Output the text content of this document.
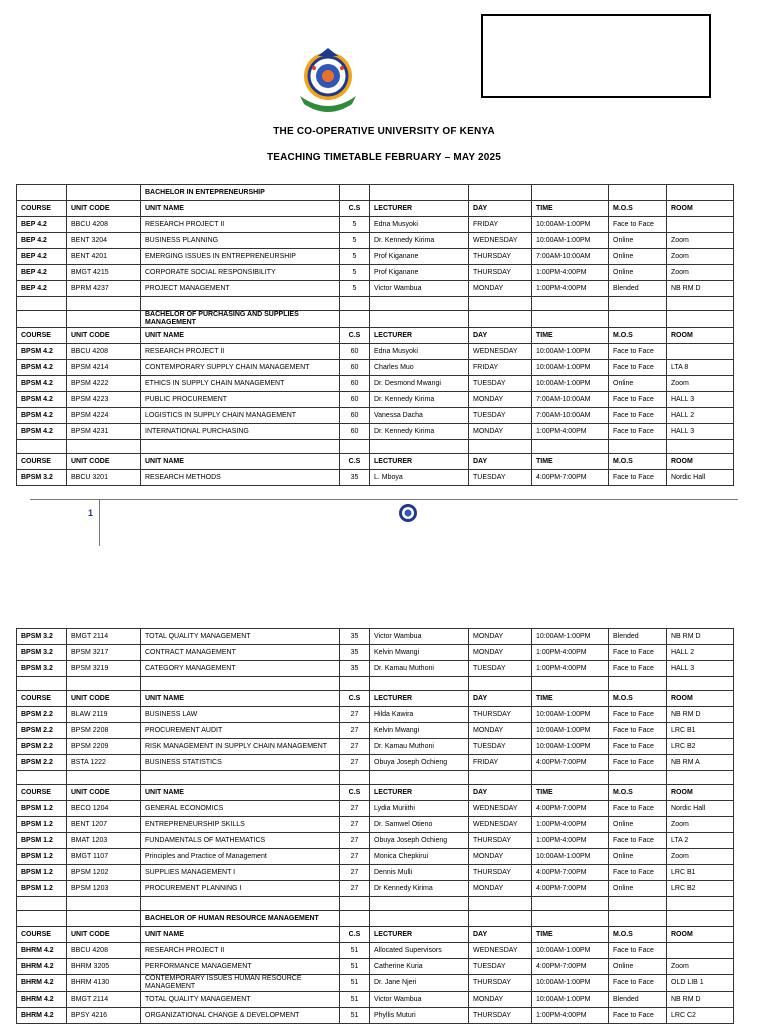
THE CO-OPERATIVE UNIVERSITY OF KENYA
TEACHING TIMETABLE FEBRUARY – MAY 2025
		BACHELOR IN ENTEPRENEURSHIP						
COURSE	UNIT CODE	UNIT NAME	C.S	LECTURER	DAY	TIME	M.O.S	ROOM
BEP 4.2	BBCU 4208	RESEARCH PROJECT II	5	Edna Musyoki	FRIDAY	10:00AM-1:00PM	Face to Face	
BEP 4.2	BENT 3204	BUSINESS PLANNING	5	Dr. Kennedy Kirima	WEDNESDAY	10:00AM-1:00PM	Online	Zoom
BEP 4.2	BENT 4201	EMERGING ISSUES IN ENTREPRENEURSHIP	5	Prof Kiganane	THURSDAY	7:00AM-10:00AM	Online	Zoom
BEP 4.2	BMGT 4215	CORPORATE SOCIAL RESPONSIBILITY	5	Prof Kiganane	THURSDAY	1:00PM-4:00PM	Online	Zoom
BEP 4.2	BPRM 4237	PROJECT MANAGEMENT	5	Victor Wambua	MONDAY	1:00PM-4:00PM	Blended	NB RM D

		BACHELOR OF PURCHASING AND SUPPLIES MANAGEMENT						
COURSE	UNIT CODE	UNIT NAME	C.S	LECTURER	DAY	TIME	M.O.S	ROOM
BPSM 4.2	BBCU 4208	RESEARCH PROJECT II	60	Edna Musyoki	WEDNESDAY	10:00AM-1:00PM	Face to Face	
BPSM 4.2	BPSM 4214	CONTEMPORARY SUPPLY CHAIN MANAGEMENT	60	Charles Muo	FRIDAY	10:00AM-1:00PM	Face to Face	LTA 8
BPSM 4.2	BPSM 4222	ETHICS IN SUPPLY CHAIN MANAGEMENT	60	Dr. Desmond Mwangi	TUESDAY	10:00AM-1:00PM	Online	Zoom
BPSM 4.2	BPSM 4223	PUBLIC PROCUREMENT	60	Dr. Kennedy Kirima	MONDAY	7:00AM-10:00AM	Face to Face	HALL 3
BPSM 4.2	BPSM 4224	LOGISTICS IN SUPPLY CHAIN MANAGEMENT	60	Vanessa Dacha	TUESDAY	7:00AM-10:00AM	Face to Face	HALL 2
BPSM 4.2	BPSM 4231	INTERNATIONAL PURCHASING	60	Dr. Kennedy Kirima	MONDAY	1:00PM-4:00PM	Face to Face	HALL 3

COURSE	UNIT CODE	UNIT NAME	C.S	LECTURER	DAY	TIME	M.O.S	ROOM
BPSM 3.2	BBCU 3201	RESEARCH METHODS	35	L. Mboya	TUESDAY	4:00PM-7:00PM	Face to Face	Nordic Hall
1
BPSM 3.2	BMGT 2114	TOTAL QUALITY MANAGEMENT	35	Victor Wambua	MONDAY	10:00AM-1:00PM	Blended	NB RM D
BPSM 3.2	BPSM 3217	CONTRACT MANAGEMENT	35	Kelvin Mwangi	MONDAY	1:00PM-4:00PM	Face to Face	HALL 2
BPSM 3.2	BPSM 3219	CATEGORY MANAGEMENT	35	Dr. Kamau Muthoni	TUESDAY	1:00PM-4:00PM	Face to Face	HALL 3

COURSE	UNIT CODE	UNIT NAME	C.S	LECTURER	DAY	TIME	M.O.S	ROOM
BPSM 2.2	BLAW 2119	BUSINESS LAW	27	Hilda Kawira	THURSDAY	10:00AM-1:00PM	Face to Face	NB RM D
BPSM 2.2	BPSM 2208	PROCUREMENT AUDIT	27	Kelvin Mwangi	MONDAY	10:00AM-1:00PM	Face to Face	LRC B1
BPSM 2.2	BPSM 2209	RISK MANAGEMENT IN SUPPLY CHAIN MANAGEMENT	27	Dr. Kamau Muthoni	TUESDAY	10:00AM-1:00PM	Face to Face	LRC B2
BPSM 2.2	BSTA 1222	BUSINESS STATISTICS	27	Obuya Joseph Ochieng	FRIDAY	4:00PM-7:00PM	Face to Face	NB RM A

COURSE	UNIT CODE	UNIT NAME	C.S	LECTURER	DAY	TIME	M.O.S	ROOM
BPSM 1.2	BECO 1204	GENERAL ECONOMICS	27	Lydia Muriithi	WEDNESDAY	4:00PM-7:00PM	Face to Face	Nordic Hall
BPSM 1.2	BENT 1207	ENTREPRENEURSHIP SKILLS	27	Dr. Samwel Otieno	WEDNESDAY	1:00PM-4:00PM	Online	Zoom
BPSM 1.2	BMAT 1203	FUNDAMENTALS OF MATHEMATICS	27	Obuya Joseph Ochieng	THURSDAY	1:00PM-4:00PM	Face to Face	LTA 2
BPSM 1.2	BMGT 1107	Principles and Practice of Management	27	Monica Chepkirui	MONDAY	10:00AM-1:00PM	Online	Zoom
BPSM 1.2	BPSM 1202	SUPPLIES MANAGEMENT I	27	Dennis Mulli	THURSDAY	4:00PM-7:00PM	Face to Face	LRC B1
BPSM 1.2	BPSM 1203	PROCUREMENT PLANNING I	27	Dr Kennedy Kirima	MONDAY	4:00PM-7:00PM	Online	LRC B2

		BACHELOR OF HUMAN RESOURCE MANAGEMENT						
COURSE	UNIT CODE	UNIT NAME	C.S	LECTURER	DAY	TIME	M.O.S	ROOM
BHRM 4.2	BBCU 4208	RESEARCH PROJECT II	51	Allocated Supervisors	WEDNESDAY	10:00AM-1:00PM	Face to Face	
BHRM 4.2	BHRM 3205	PERFORMANCE MANAGEMENT	51	Catherine Kuria	TUESDAY	4:00PM-7:00PM	Online	Zoom
BHRM 4.2	BHRM 4130	CONTEMPORARY ISSUES HUMAN RESOURCE MANAGEMENT	51	Dr. Jane Njeri	THURSDAY	10:00AM-1:00PM	Face to Face	OLD LIB 1
BHRM 4.2	BMGT 2114	TOTAL QUALITY MANAGEMENT	51	Victor Wambua	MONDAY	10:00AM-1:00PM	Blended	NB RM D
BHRM 4.2	BPSY 4216	ORGANIZATIONAL CHANGE & DEVELOPMENT	51	Phyllis Muturi	THURSDAY	1:00PM-4:00PM	Face to Face	LRC C2
